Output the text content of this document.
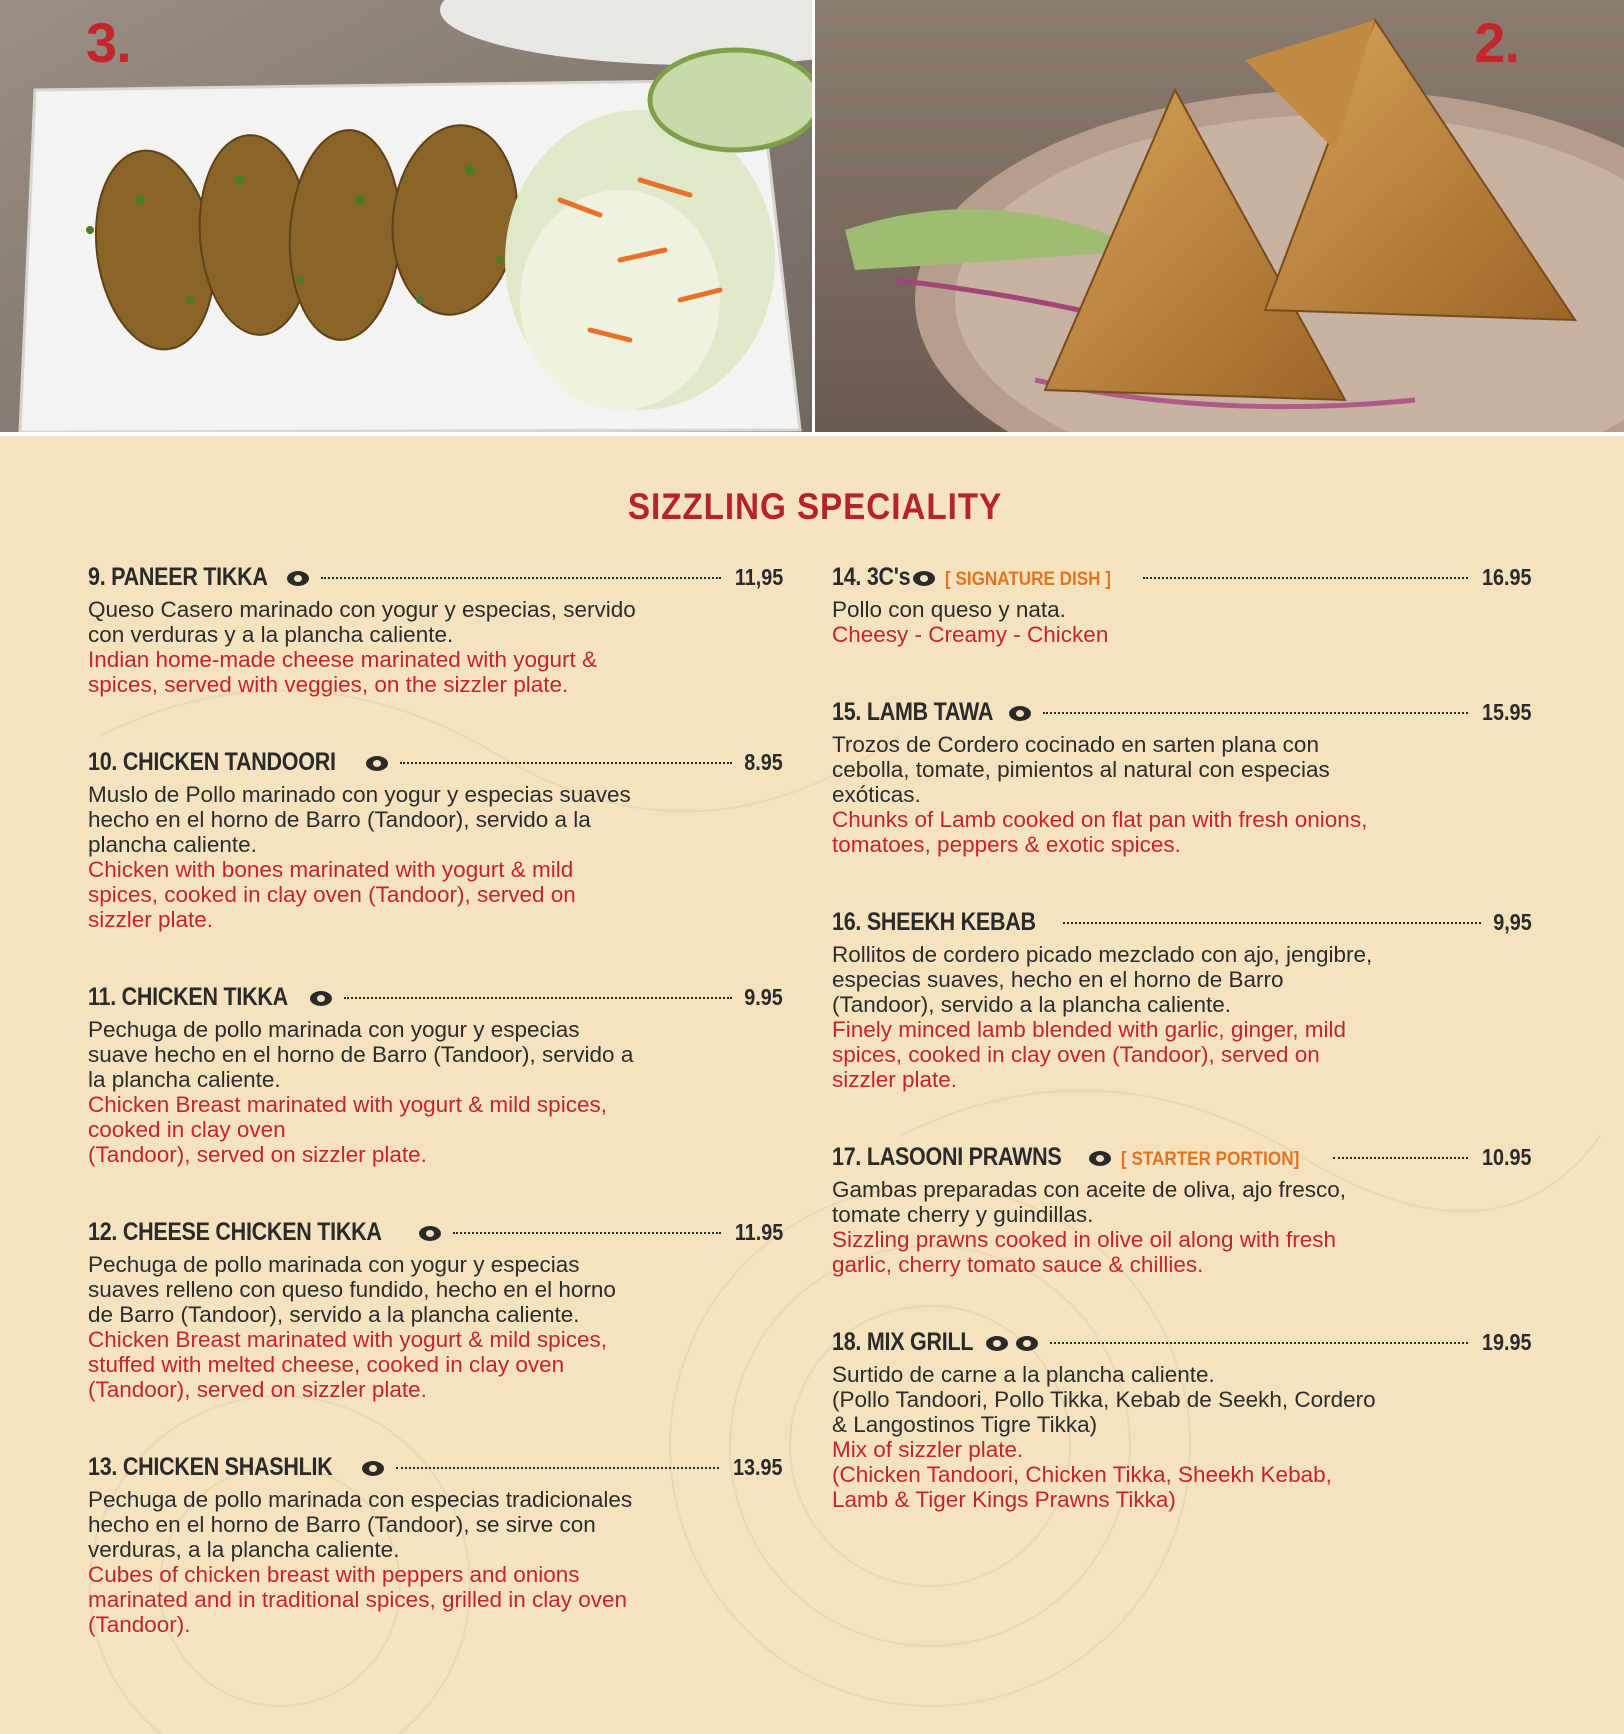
3.	2.
SIZZLING SPECIALITY
9. PANEER TIKKA	11,95

Queso Casero marinado con yogur y especias, servido
con verduras y a la plancha caliente.

Indian home-made cheese marinated with yogurt &
spices, served with veggies, on the sizzler plate.

10. CHICKEN TANDOORI	8.95

Muslo de Pollo marinado con yogur y especias suaves
hecho en el horno de Barro (Tandoor), servido a la
plancha caliente.

Chicken with bones marinated with yogurt & mild
spices, cooked in clay oven (Tandoor), served on
sizzler plate.

11. CHICKEN TIKKA	9.95

Pechuga de pollo marinada con yogur y especias
suave hecho en el horno de Barro (Tandoor), servido a
la plancha caliente.

Chicken Breast marinated with yogurt & mild spices,
cooked in clay oven
(Tandoor), served on sizzler plate.

12. CHEESE CHICKEN TIKKA	11.95

Pechuga de pollo marinada con yogur y especias
suaves relleno con queso fundido, hecho en el horno
de Barro (Tandoor), servido a la plancha caliente.

Chicken Breast marinated with yogurt & mild spices,
stuffed with melted cheese, cooked in clay oven
(Tandoor), served on sizzler plate.

13. CHICKEN SHASHLIK	13.95

Pechuga de pollo marinada con especias tradicionales
hecho en el horno de Barro (Tandoor), se sirve con
verduras, a la plancha caliente.

Cubes of chicken breast with peppers and onions
marinated and in traditional spices, grilled in clay oven
(Tandoor).

14. 3C's [ SIGNATURE DISH ]	16.95

Pollo con queso y nata.

Cheesy - Creamy - Chicken

15. LAMB TAWA	15.95

Trozos de Cordero cocinado en sarten plana con
cebolla, tomate, pimientos al natural con especias
exóticas.

Chunks of Lamb cooked on flat pan with fresh onions,
tomatoes, peppers & exotic spices.

16. SHEEKH KEBAB	9,95

Rollitos de cordero picado mezclado con ajo, jengibre,
especias suaves, hecho en el horno de Barro
(Tandoor), servido a la plancha caliente.

Finely minced lamb blended with garlic, ginger, mild
spices, cooked in clay oven (Tandoor), served on
sizzler plate.

17. LASOONI PRAWNS	[ STARTER PORTION]	10.95

Gambas preparadas con aceite de oliva, ajo fresco,
tomate cherry y guindillas.

Sizzling prawns cooked in olive oil along with fresh
garlic, cherry tomato sauce & chillies.

18. MIX GRILL	19.95

Surtido de carne a la plancha caliente.
(Pollo Tandoori, Pollo Tikka, Kebab de Seekh, Cordero
& Langostinos Tigre Tikka)

Mix of sizzler plate.
(Chicken Tandoori, Chicken Tikka, Sheekh Kebab,
Lamb & Tiger Kings Prawns Tikka)
